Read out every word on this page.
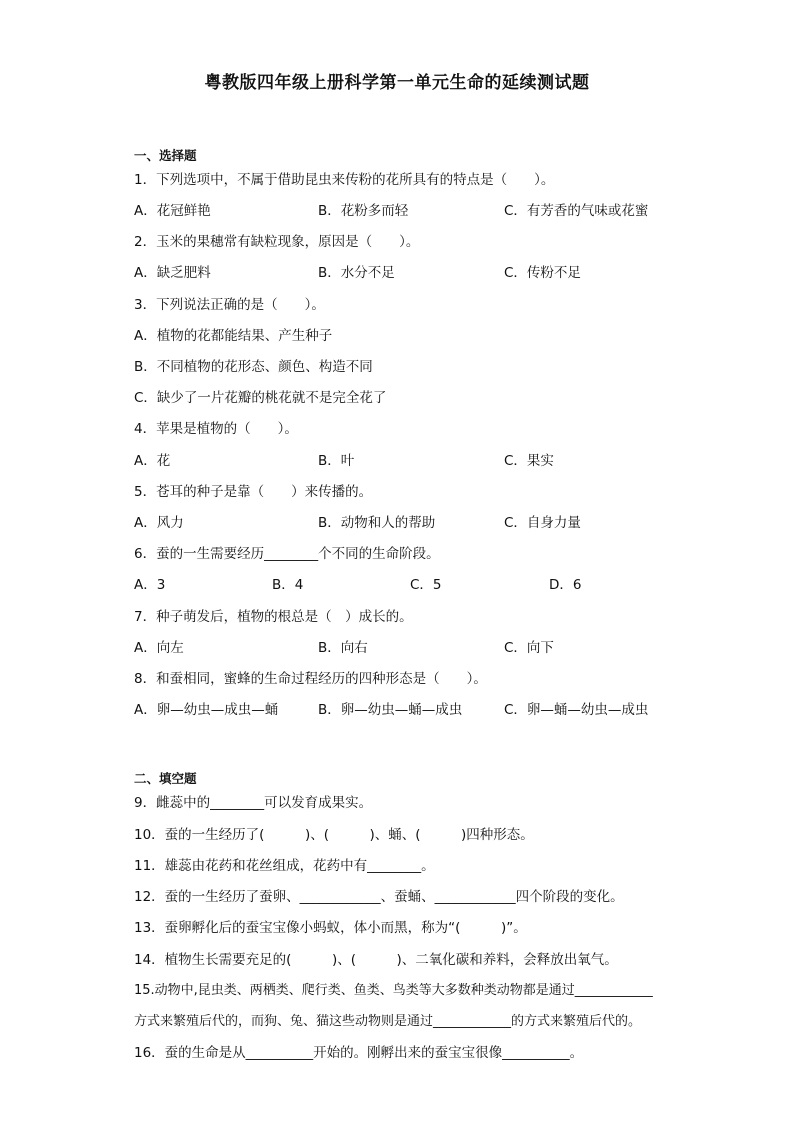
粤教版四年级上册科学第一单元生命的延续测试题
一、选择题
1．下列选项中，不属于借助昆虫来传粉的花所具有的特点是（　　）。
A．花冠鲜艳	B．花粉多而轻	C．有芳香的气味或花蜜
2．玉米的果穗常有缺粒现象，原因是（　　）。
A．缺乏肥料	B．水分不足	C．传粉不足
3．下列说法正确的是（　　）。
A．植物的花都能结果、产生种子
B．不同植物的花形态、颜色、构造不同
C．缺少了一片花瓣的桃花就不是完全花了
4．苹果是植物的（　　）。
A．花	B．叶	C．果实
5．苍耳的种子是靠（　　）来传播的。
A．风力	B．动物和人的帮助	C．自身力量
6．蚕的一生需要经历________个不同的生命阶段。
A．3	B．4	C．5	D．6
7．种子萌发后，植物的根总是（　）成长的。
A．向左	B．向右	C．向下
8．和蚕相同，蜜蜂的生命过程经历的四种形态是（　　）。
A．卵—幼虫—成虫—蛹	B．卵—幼虫—蛹—成虫	C．卵—蛹—幼虫—成虫
二、填空题
9．雌蕊中的________可以发育成果实。
10．蚕的一生经历了(　　　)、(　　　)、蛹、(　　　)四种形态。
11．雄蕊由花药和花丝组成，花药中有________。
12．蚕的一生经历了蚕卵、____________、蚕蛹、____________四个阶段的变化。
13．蚕卵孵化后的蚕宝宝像小蚂蚁，体小而黑，称为“(　　　)”。
14．植物生长需要充足的(　　　)、(　　　)、二氧化碳和养料，会释放出氧气。
15.动物中,昆虫类、两栖类、爬行类、鱼类、鸟类等大多数种类动物都是通过____________
方式来繁殖后代的，而狗、兔、猫这些动物则是通过____________的方式来繁殖后代的。
16．蚕的生命是从__________开始的。刚孵出来的蚕宝宝很像__________。
